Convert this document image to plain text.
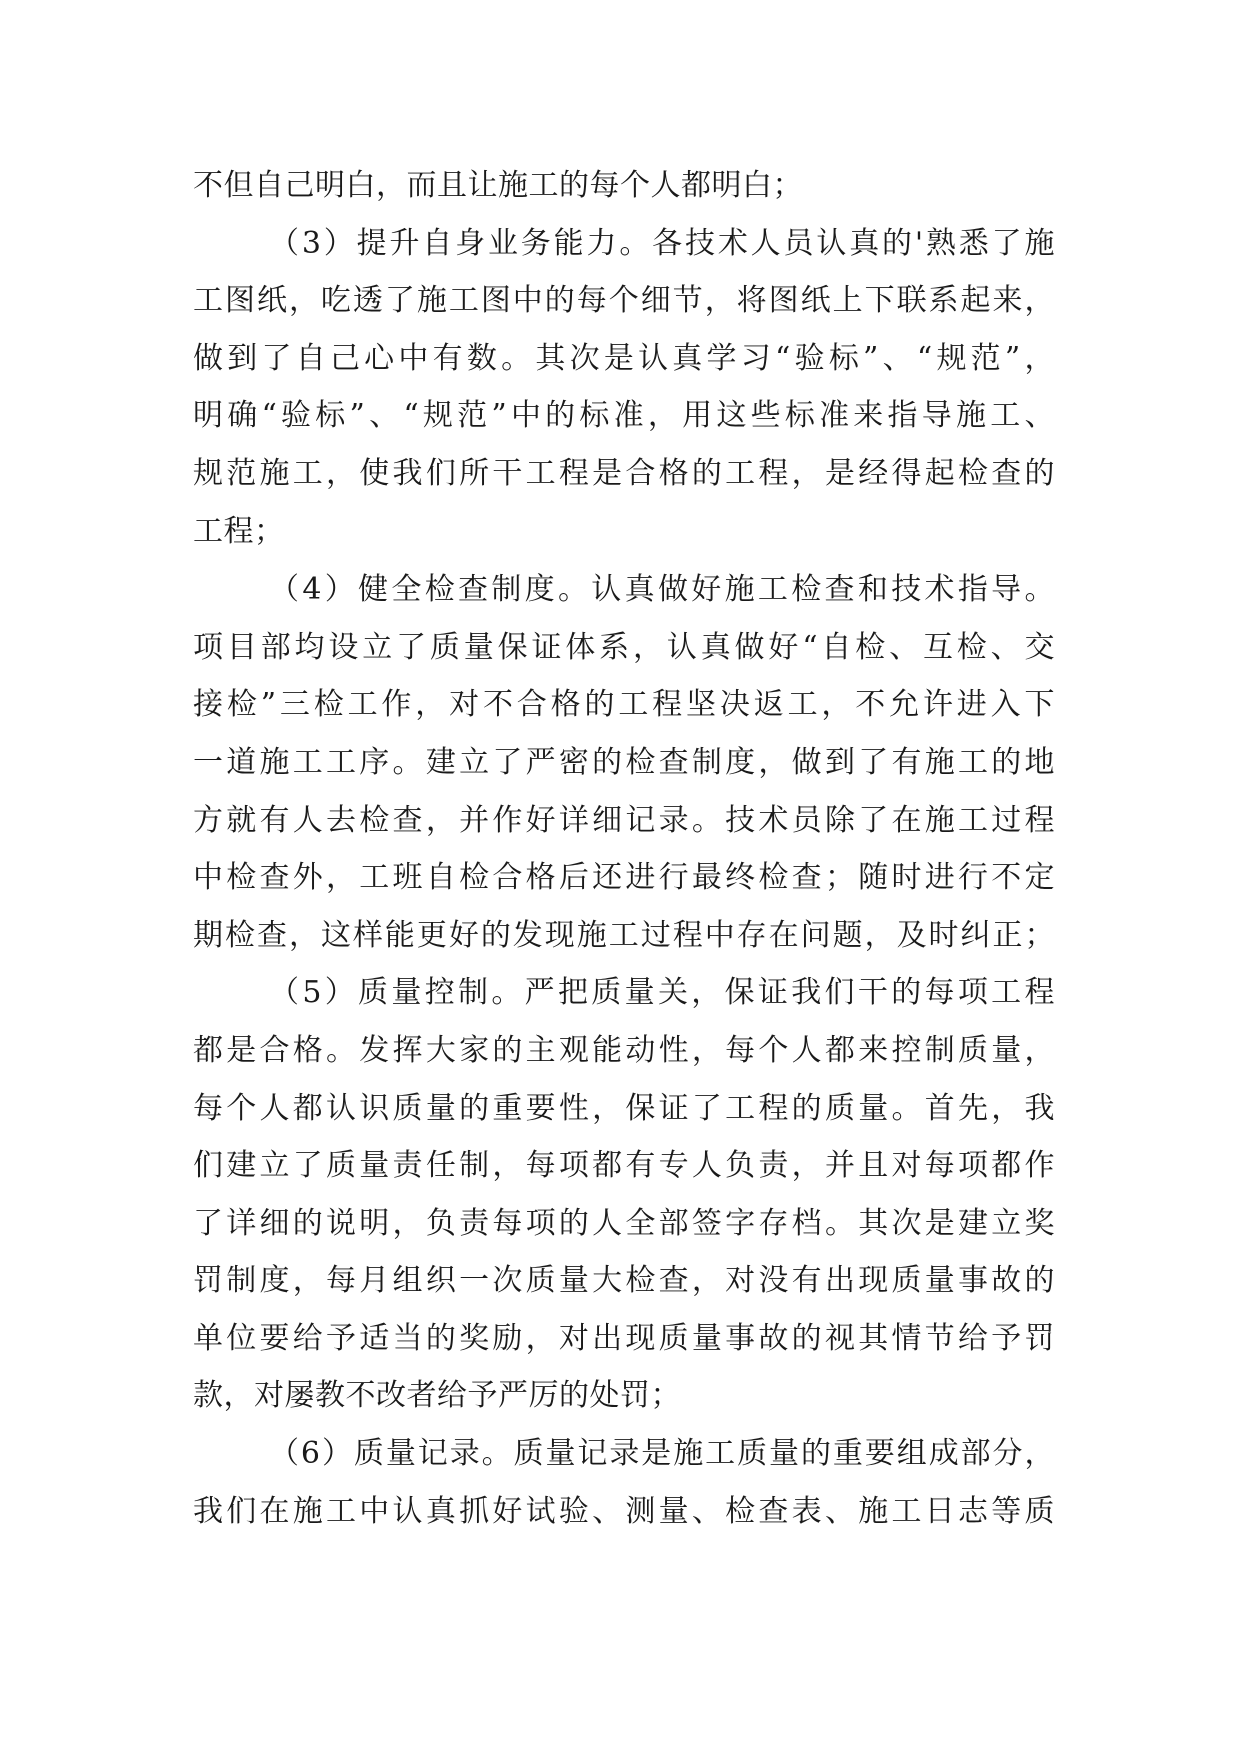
不但自己明白，而且让施工的每个人都明白；
（3）提升自身业务能力。各技术人员认真的'熟悉了施
工图纸，吃透了施工图中的每个细节，将图纸上下联系起来，
做到了自己心中有数。其次是认真学习“验标”、“规范”，
明确“验标”、“规范”中的标准，用这些标准来指导施工、
规范施工，使我们所干工程是合格的工程，是经得起检查的
工程；
（4）健全检查制度。认真做好施工检查和技术指导。
项目部均设立了质量保证体系，认真做好“自检、互检、交
接检”三检工作，对不合格的工程坚决返工，不允许进入下
一道施工工序。建立了严密的检查制度，做到了有施工的地
方就有人去检查，并作好详细记录。技术员除了在施工过程
中检查外，工班自检合格后还进行最终检查；随时进行不定
期检查，这样能更好的发现施工过程中存在问题，及时纠正；
（5）质量控制。严把质量关，保证我们干的每项工程
都是合格。发挥大家的主观能动性，每个人都来控制质量，
每个人都认识质量的重要性，保证了工程的质量。首先，我
们建立了质量责任制，每项都有专人负责，并且对每项都作
了详细的说明，负责每项的人全部签字存档。其次是建立奖
罚制度，每月组织一次质量大检查，对没有出现质量事故的
单位要给予适当的奖励，对出现质量事故的视其情节给予罚
款，对屡教不改者给予严厉的处罚；
（6）质量记录。质量记录是施工质量的重要组成部分，
我们在施工中认真抓好试验、测量、检查表、施工日志等质
